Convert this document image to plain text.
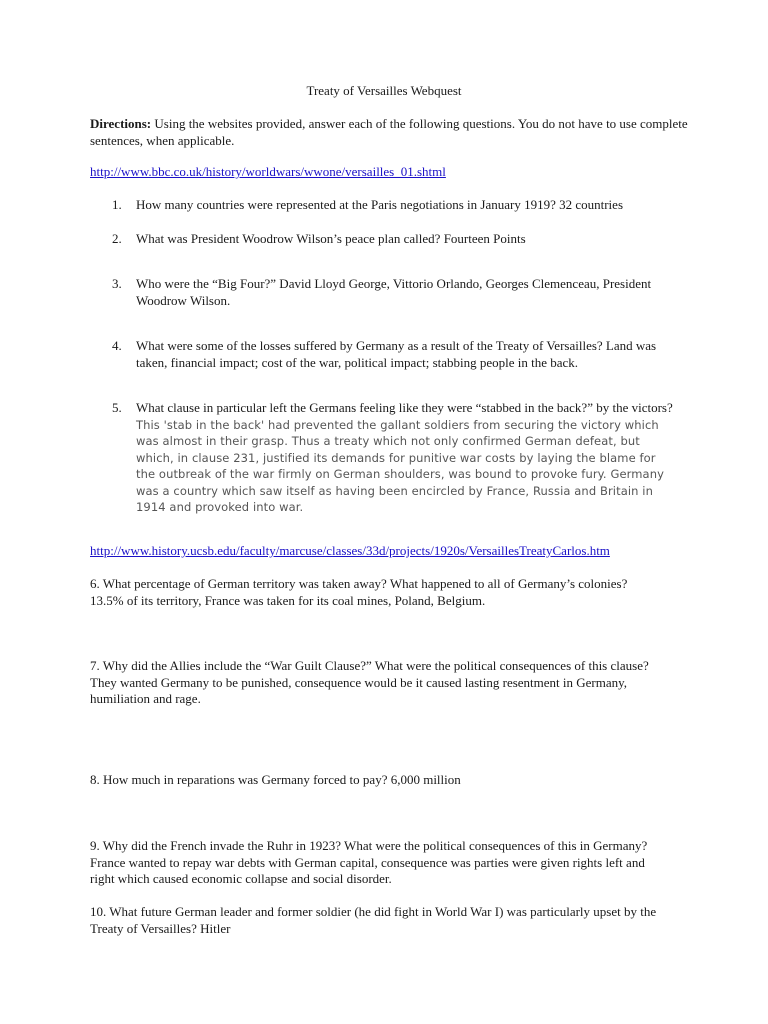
Treaty of Versailles Webquest
Directions: Using the websites provided, answer each of the following questions. You do not have to use complete sentences, when applicable.
http://www.bbc.co.uk/history/worldwars/wwone/versailles_01.shtml
1. How many countries were represented at the Paris negotiations in January 1919? 32 countries
2. What was President Woodrow Wilson’s peace plan called? Fourteen Points
3. Who were the “Big Four?” David Lloyd George, Vittorio Orlando, Georges Clemenceau, President Woodrow Wilson.
4. What were some of the losses suffered by Germany as a result of the Treaty of Versailles? Land was taken, financial impact; cost of the war, political impact; stabbing people in the back.
5. What clause in particular left the Germans feeling like they were “stabbed in the back?” by the victors? This 'stab in the back' had prevented the gallant soldiers from securing the victory which was almost in their grasp. Thus a treaty which not only confirmed German defeat, but which, in clause 231, justified its demands for punitive war costs by laying the blame for the outbreak of the war firmly on German shoulders, was bound to provoke fury. Germany was a country which saw itself as having been encircled by France, Russia and Britain in 1914 and provoked into war.
http://www.history.ucsb.edu/faculty/marcuse/classes/33d/projects/1920s/VersaillesTreatyCarlos.htm
6. What percentage of German territory was taken away? What happened to all of Germany’s colonies? 13.5% of its territory, France was taken for its coal mines, Poland, Belgium.
7. Why did the Allies include the “War Guilt Clause?” What were the political consequences of this clause? They wanted Germany to be punished, consequence would be it caused lasting resentment in Germany, humiliation and rage.
8. How much in reparations was Germany forced to pay? 6,000 million
9. Why did the French invade the Ruhr in 1923? What were the political consequences of this in Germany? France wanted to repay war debts with German capital, consequence was parties were given rights left and right which caused economic collapse and social disorder.
10. What future German leader and former soldier (he did fight in World War I) was particularly upset by the Treaty of Versailles? Hitler
